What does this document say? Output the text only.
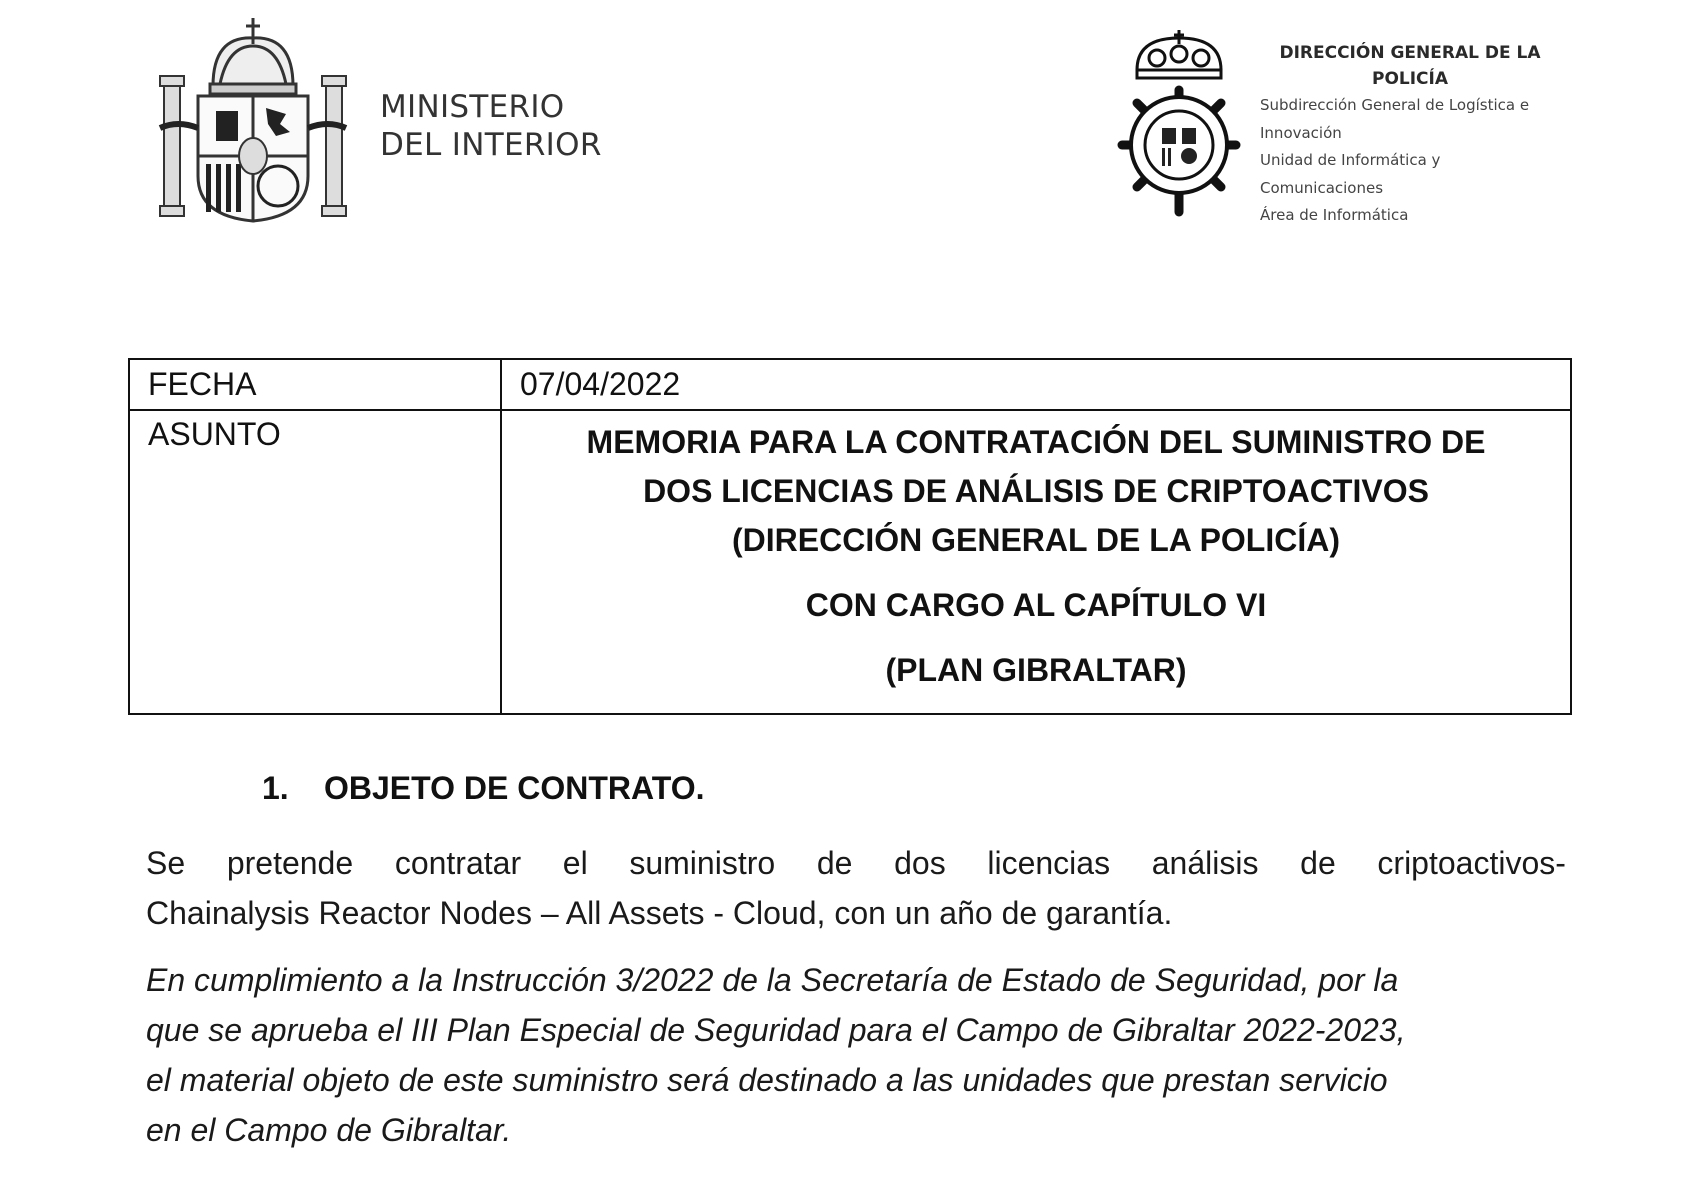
MINISTERIO
DEL INTERIOR
DIRECCIÓN GENERAL DE LA
POLICÍA
Subdirección General de Logística e
Innovación
Unidad de Informática y
Comunicaciones
Área de Informática
FECHA	07/04/2022
ASUNTO	MEMORIA PARA LA CONTRATACIÓN DEL SUMINISTRO DE
DOS LICENCIAS DE ANÁLISIS DE CRIPTOACTIVOS
(DIRECCIÓN GENERAL DE LA POLICÍA)
CON CARGO AL CAPÍTULO VI
(PLAN GIBRALTAR)
1. OBJETO DE CONTRATO.
Se pretende contratar el suministro de dos licencias análisis de criptoactivos-
Chainalysis Reactor Nodes – All Assets - Cloud, con un año de garantía.
En cumplimiento a la Instrucción 3/2022 de la Secretaría de Estado de Seguridad, por la
que se aprueba el III Plan Especial de Seguridad para el Campo de Gibraltar 2022-2023,
el material objeto de este suministro será destinado a las unidades que prestan servicio
en el Campo de Gibraltar.
